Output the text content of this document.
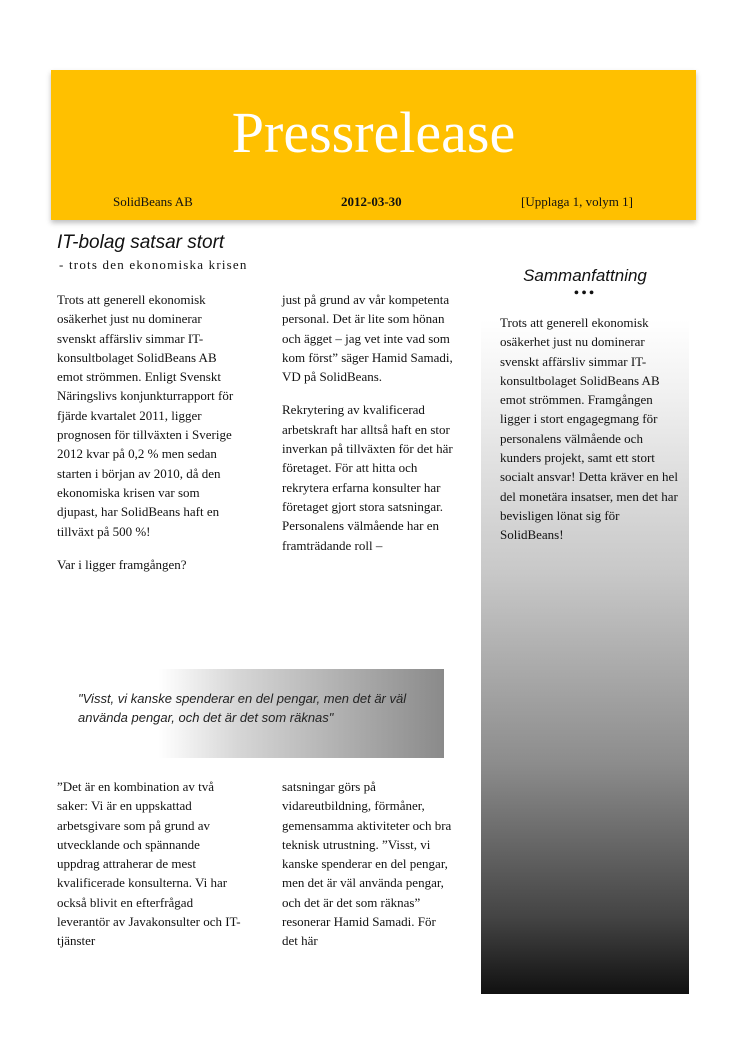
Pressrelease
SolidBeans AB	2012-03-30	[Upplaga 1, volym 1]
IT-bolag satsar stort
- trots den ekonomiska krisen

Trots att generell ekonomisk osäkerhet just nu dominerar svenskt affärsliv simmar IT-konsultbolaget SolidBeans AB emot strömmen. Enligt Svenskt Näringslivs konjunkturrapport för fjärde kvartalet 2011, ligger prognosen för tillväxten i Sverige 2012 kvar på 0,2 % men sedan starten i början av 2010, då den ekonomiska krisen var som djupast, har SolidBeans haft en tillväxt på 500 %!

Var i ligger framgången?

just på grund av vår kompetenta personal. Det är lite som hönan och ägget – jag vet inte vad som kom först” säger Hamid Samadi, VD på SolidBeans.

Rekrytering av kvalificerad arbetskraft har alltså haft en stor inverkan på tillväxten för det här företaget. För att hitta och rekrytera erfarna konsulter har företaget gjort stora satsningar. Personalens välmående har en framträdande roll –

"Visst, vi kanske spenderar en del pengar, men det är väl använda pengar, och det är det som räknas"

”Det är en kombination av två saker: Vi är en uppskattad arbetsgivare som på grund av utvecklande och spännande uppdrag attraherar de mest kvalificerade konsulterna. Vi har också blivit en efterfrågad leverantör av Javakonsulter och IT-tjänster

satsningar görs på vidareutbildning, förmåner, gemensamma aktiviteter och bra teknisk utrustning. ”Visst, vi kanske spenderar en del pengar, men det är väl använda pengar, och det är det som räknas” resonerar Hamid Samadi. För det här

Sammanfattning
•••
Trots att generell ekonomisk osäkerhet just nu dominerar svenskt affärsliv simmar IT-konsultbolaget SolidBeans AB emot strömmen. Framgången ligger i stort engagegmang för personalens välmående och kunders projekt, samt ett stort socialt ansvar! Detta kräver en hel del monetära insatser, men det har bevisligen lönat sig för SolidBeans!
